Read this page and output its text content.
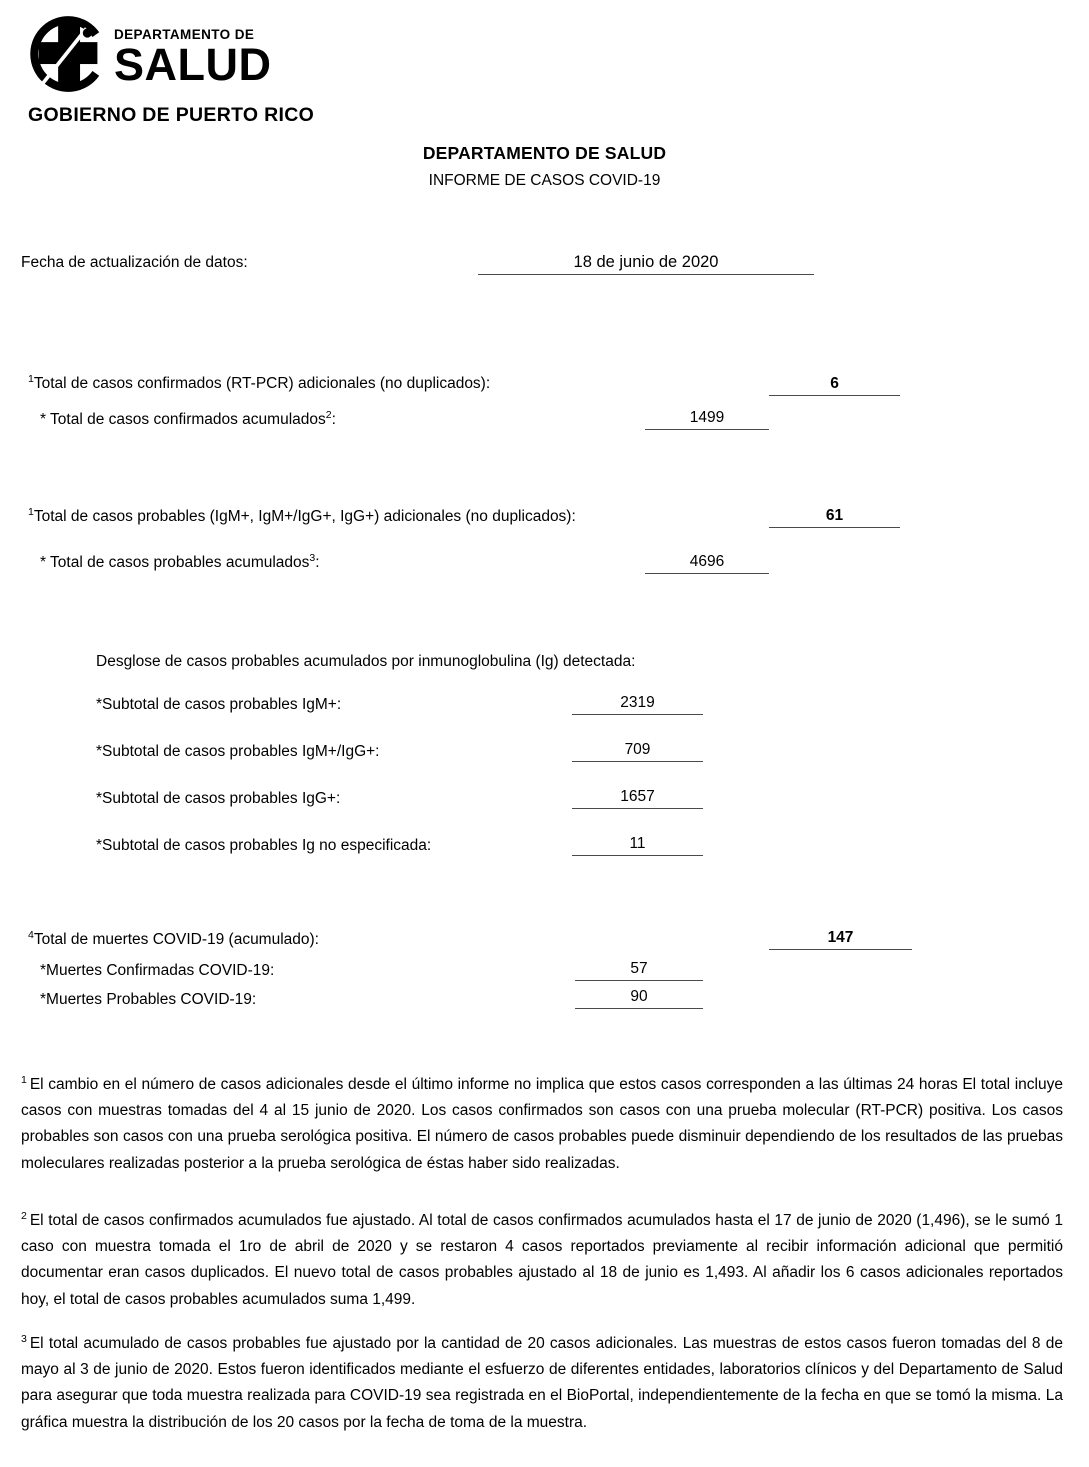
DEPARTAMENTO DE
SALUD
GOBIERNO DE PUERTO RICO
DEPARTAMENTO DE SALUD
INFORME DE CASOS COVID-19
Fecha de actualización de datos:	18 de junio de 2020
$^1$Total de casos confirmados (RT-PCR) adicionales (no duplicados):	6
* Total de casos confirmados acumulados$^2$:	1499
$^1$Total de casos probables (IgM+, IgM+/IgG+, IgG+) adicionales (no duplicados):	61
* Total de casos probables acumulados$^3$:	4696
Desglose de casos probables acumulados por inmunoglobulina (Ig) detectada:
*Subtotal de casos probables IgM+:	2319
*Subtotal de casos probables IgM+/IgG+:	709
*Subtotal de casos probables IgG+:	1657
*Subtotal de casos probables Ig no especificada:	11
$^4$Total de muertes COVID-19 (acumulado):	147
*Muertes Confirmadas COVID-19:	57
*Muertes Probables COVID-19:	90

$^1$ El cambio en el número de casos adicionales desde el último informe no implica que estos casos corresponden a las últimas 24 horas El total incluye casos con muestras tomadas del 4 al 15 junio de 2020. Los casos confirmados son casos con una prueba molecular (RT-PCR) positiva. Los casos probables son casos con una prueba serológica positiva. El número de casos probables puede disminuir dependiendo de los resultados de las pruebas moleculares realizadas posterior a la prueba serológica de éstas haber sido realizadas.

$^2$ El total de casos confirmados acumulados fue ajustado. Al total de casos confirmados acumulados hasta el 17 de junio de 2020 (1,496), se le sumó 1 caso con muestra tomada el 1ro de abril de 2020 y se restaron 4 casos reportados previamente al recibir información adicional que permitió documentar eran casos duplicados. El nuevo total de casos probables ajustado al 18 de junio es 1,493. Al añadir los 6 casos adicionales reportados hoy, el total de casos probables acumulados suma 1,499.

$^3$ El total acumulado de casos probables fue ajustado por la cantidad de 20 casos adicionales. Las muestras de estos casos fueron tomadas del 8 de mayo al 3 de junio de 2020. Estos fueron identificados mediante el esfuerzo de diferentes entidades, laboratorios clínicos y del Departamento de Salud para asegurar que toda muestra realizada para COVID-19 sea registrada en el BioPortal, independientemente de la fecha en que se tomó la misma. La gráfica muestra la distribución de los 20 casos por la fecha de toma de la muestra.
